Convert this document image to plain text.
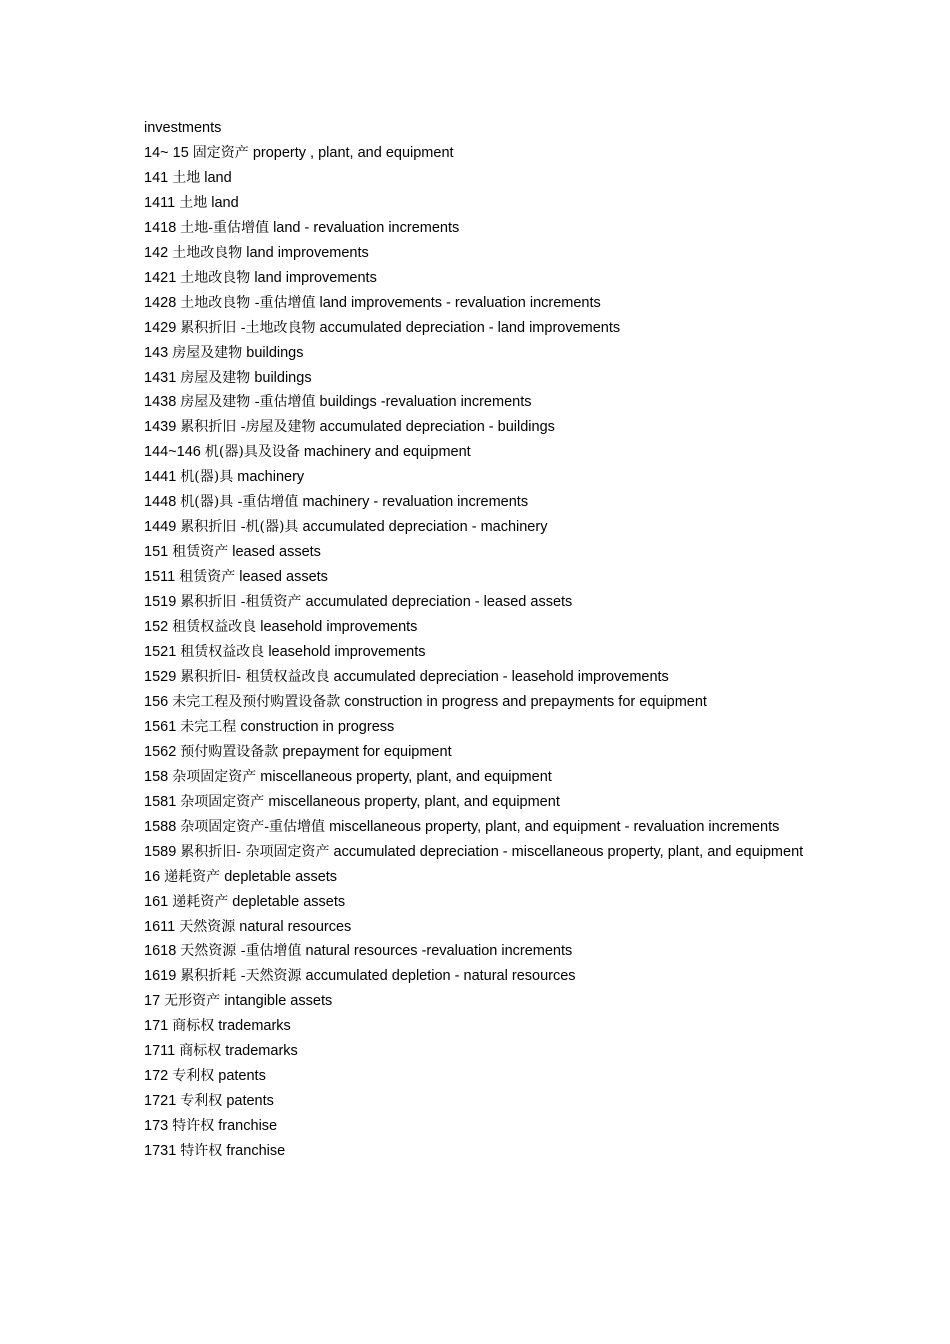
investments
14~ 15 固定资产 property , plant, and equipment
141 土地 land
1411 土地 land
1418 土地-重估增值 land - revaluation increments
142 土地改良物 land improvements
1421 土地改良物 land improvements
1428 土地改良物 -重估增值 land improvements - revaluation increments
1429 累积折旧 -土地改良物 accumulated depreciation - land improvements
143 房屋及建物 buildings
1431 房屋及建物 buildings
1438 房屋及建物 -重估增值 buildings -revaluation increments
1439 累积折旧 -房屋及建物 accumulated depreciation - buildings
144~146 机(器)具及设备 machinery and equipment
1441 机(器)具 machinery
1448 机(器)具 -重估增值 machinery - revaluation increments
1449 累积折旧 -机(器)具 accumulated depreciation - machinery
151 租赁资产 leased assets
1511 租赁资产 leased assets
1519 累积折旧 -租赁资产 accumulated depreciation - leased assets
152 租赁权益改良 leasehold improvements
1521 租赁权益改良 leasehold improvements
1529 累积折旧- 租赁权益改良 accumulated depreciation - leasehold improvements
156 未完工程及预付购置设备款 construction in progress and prepayments for equipment
1561 未完工程 construction in progress
1562 预付购置设备款 prepayment for equipment
158 杂项固定资产 miscellaneous property, plant, and equipment
1581 杂项固定资产 miscellaneous property, plant, and equipment
1588 杂项固定资产-重估增值 miscellaneous property, plant, and equipment - revaluation increments
1589 累积折旧- 杂项固定资产 accumulated depreciation - miscellaneous property, plant, and equipment
16 递耗资产 depletable assets
161 递耗资产 depletable assets
1611 天然资源 natural resources
1618 天然资源 -重估增值 natural resources -revaluation increments
1619 累积折耗 -天然资源 accumulated depletion - natural resources
17 无形资产 intangible assets
171 商标权 trademarks
1711 商标权 trademarks
172 专利权 patents
1721 专利权 patents
173 特许权 franchise
1731 特许权 franchise
